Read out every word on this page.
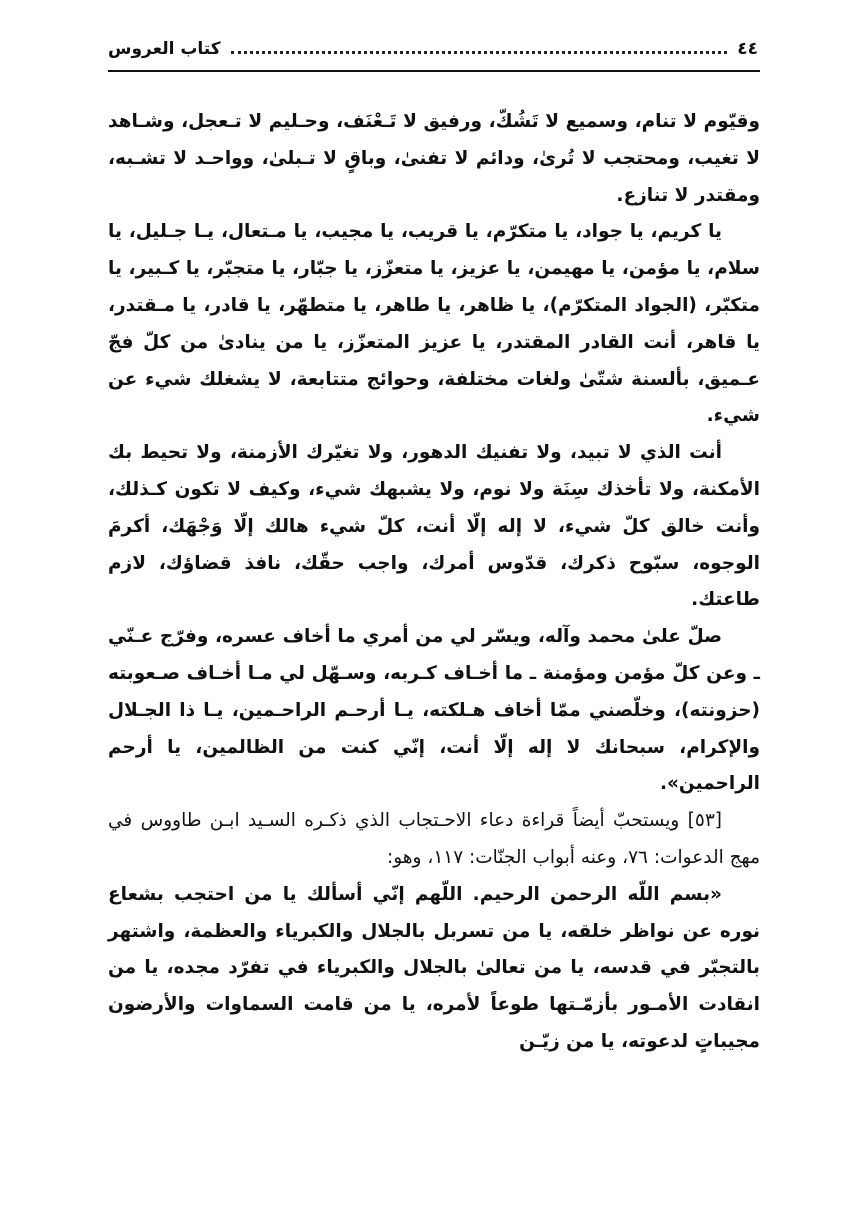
٤٤
كتاب العروس

وقيّوم لا تنام، وسميع لا تَشُكّ، ورفيق لا تَـعْنَف، وحـليم لا تـعجل، وشـاهد لا تغيب، ومحتجب لا تُرىٰ، ودائم لا تفنىٰ، وباقٍ لا تـبلىٰ، وواحـد لا تشـبه، ومقتدر لا تنازع.

يا كريم، يا جواد، يا متكرّم، يا قريب، يا مجيب، يا مـتعال، يـا جـليل، يا سلام، يا مؤمن، يا مهيمن، يا عزيز، يا متعزّز، يا جبّار، يا متجبّر، يا كـبير، يا متكبّر، (الجواد المتكرّم)، يا ظاهر، يا طاهر، يا متطهّر، يا قادر، يا مـقتدر، يا قاهر، أنت القادر المقتدر، يا عزيز المتعزّز، يا من ينادىٰ من كلّ فجّ عـميق، بألسنة شتّىٰ ولغات مختلفة، وحوائج متتابعة، لا يشغلك شيء عن شيء.

أنت الذي لا تبيد، ولا تفنيك الدهور، ولا تغيّرك الأزمنة، ولا تحيط بك الأمكنة، ولا تأخذك سِنَة ولا نوم، ولا يشبهك شيء، وكيف لا تكون كـذلك، وأنت خالق كلّ شيء، لا إله إلّا أنت، كلّ شيء هالك إلّا وَجْهَك، أكرمَ الوجوه، سبّوح ذكرك، قدّوس أمرك، واجب حقّك، نافذ قضاؤك، لازم طاعتك.

صلّ علىٰ محمد وآله، ويسّر لي من أمري ما أخاف عسره، وفرّج عـنّي ـ وعن كلّ مؤمن ومؤمنة ـ ما أخـاف كـربه، وسـهّل لي مـا أخـاف صـعوبته (حزونته)، وخلّصني ممّا أخاف هـلكته، يـا أرحـم الراحـمين، يـا ذا الجـلال والإكرام، سبحانك لا إله إلّا أنت، إنّي كنت من الظالمين، يا أرحم الراحمين».

[٥٣] ويستحبّ أيضاً قراءة دعاء الاحـتجاب الذي ذكـره السـيد ابـن طاووس في مهج الدعوات: ٧٦، وعنه أبواب الجنّات: ١١٧، وهو:

«بسم اللّه الرحمن الرحيم. اللّهم إنّي أسألك يا من احتجب بشعاع نوره عن نواظر خلقه، يا من تسربل بالجلال والكبرياء والعظمة، واشتهر بالتجبّر في قدسه، يا من تعالىٰ بالجلال والكبرياء في تفرّد مجده، يا من انقادت الأمـور بأزمّـتها طوعاً لأمره، يا من قامت السماوات والأرضون مجيباتٍ لدعوته، يا من زيّـن
